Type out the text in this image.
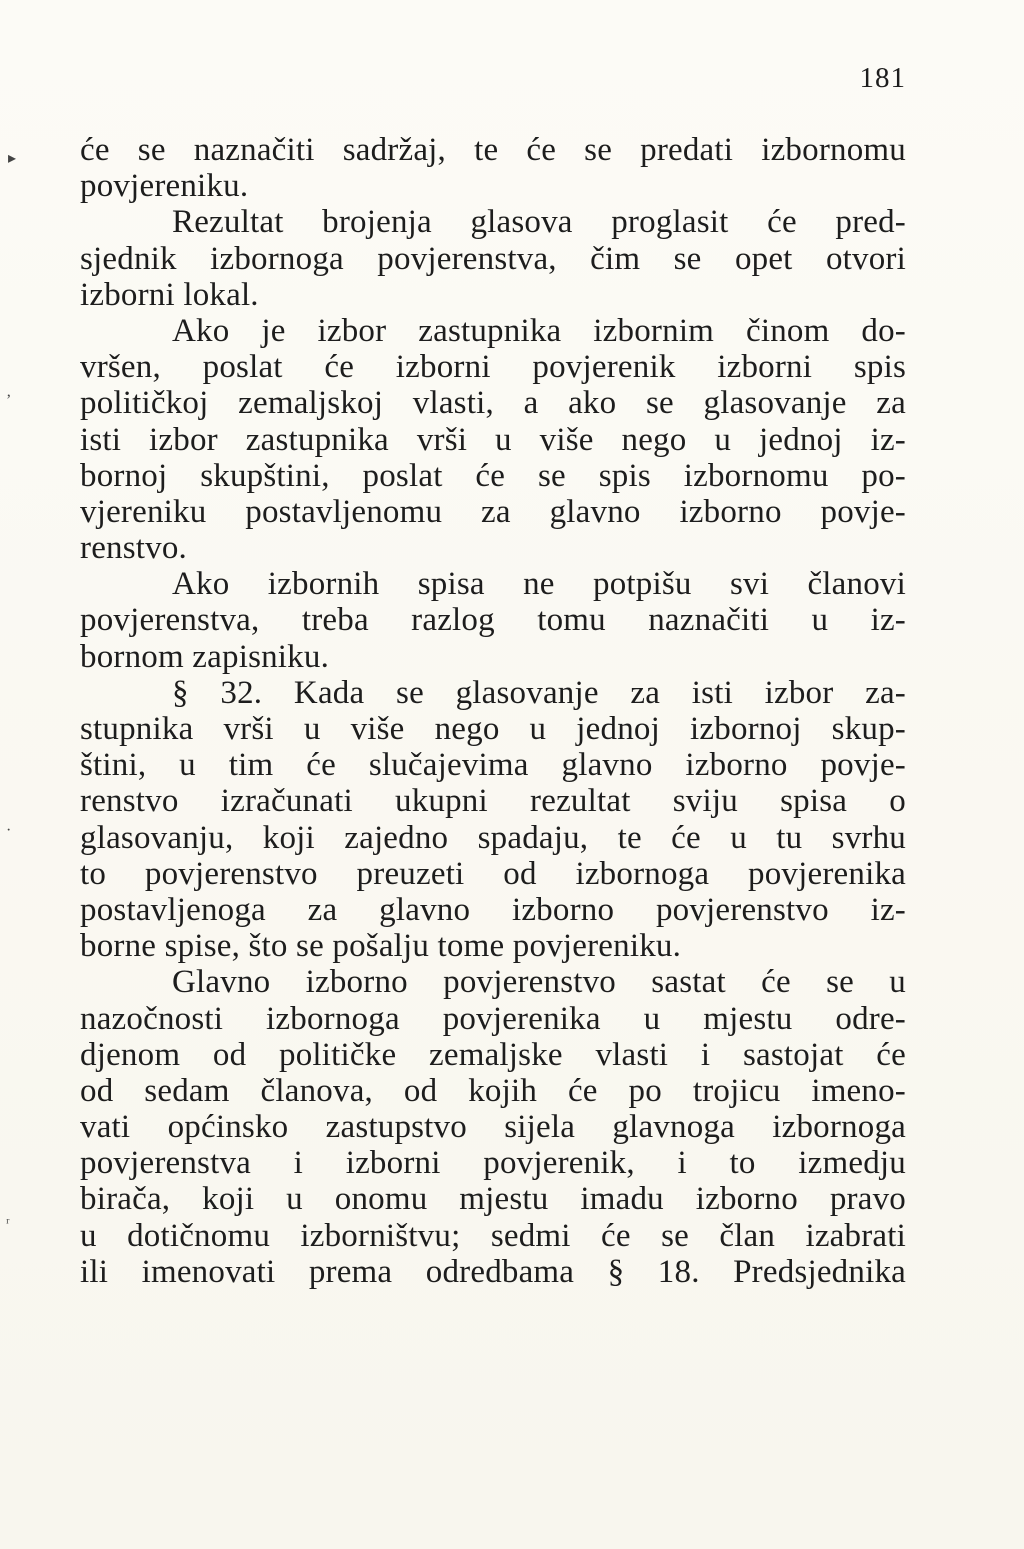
181
▸
ʼ
·
ʳ
će se naznačiti sadržaj, te će se predati izbornomu
povjereniku.
Rezultat brojenja glasova proglasit će pred-
sjednik izbornoga povjerenstva, čim se opet otvori
izborni lokal.
Ako je izbor zastupnika izbornim činom do-
vršen, poslat će izborni povjerenik izborni spis
političkoj zemaljskoj vlasti, a ako se glasovanje za
isti izbor zastupnika vrši u više nego u jednoj iz-
bornoj skupštini, poslat će se spis izbornomu po-
vjereniku postavljenomu za glavno izborno povje-
renstvo.
Ako izbornih spisa ne potpišu svi članovi
povjerenstva, treba razlog tomu naznačiti u iz-
bornom zapisniku.
§ 32. Kada se glasovanje za isti izbor za-
stupnika vrši u više nego u jednoj izbornoj skup-
štini, u tim će slučajevima glavno izborno povje-
renstvo izračunati ukupni rezultat sviju spisa o
glasovanju, koji zajedno spadaju, te će u tu svrhu
to povjerenstvo preuzeti od izbornoga povjerenika
postavljenoga za glavno izborno povjerenstvo iz-
borne spise, što se pošalju tome povjereniku.
Glavno izborno povjerenstvo sastat će se u
nazočnosti izbornoga povjerenika u mjestu odre-
djenom od političke zemaljske vlasti i sastojat će
od sedam članova, od kojih će po trojicu imeno-
vati općinsko zastupstvo sijela glavnoga izbornoga
povjerenstva i izborni povjerenik, i to izmedju
birača, koji u onomu mjestu imadu izborno pravo
u dotičnomu izborništvu; sedmi će se član izabrati
ili imenovati prema odredbama § 18. Predsjednika
